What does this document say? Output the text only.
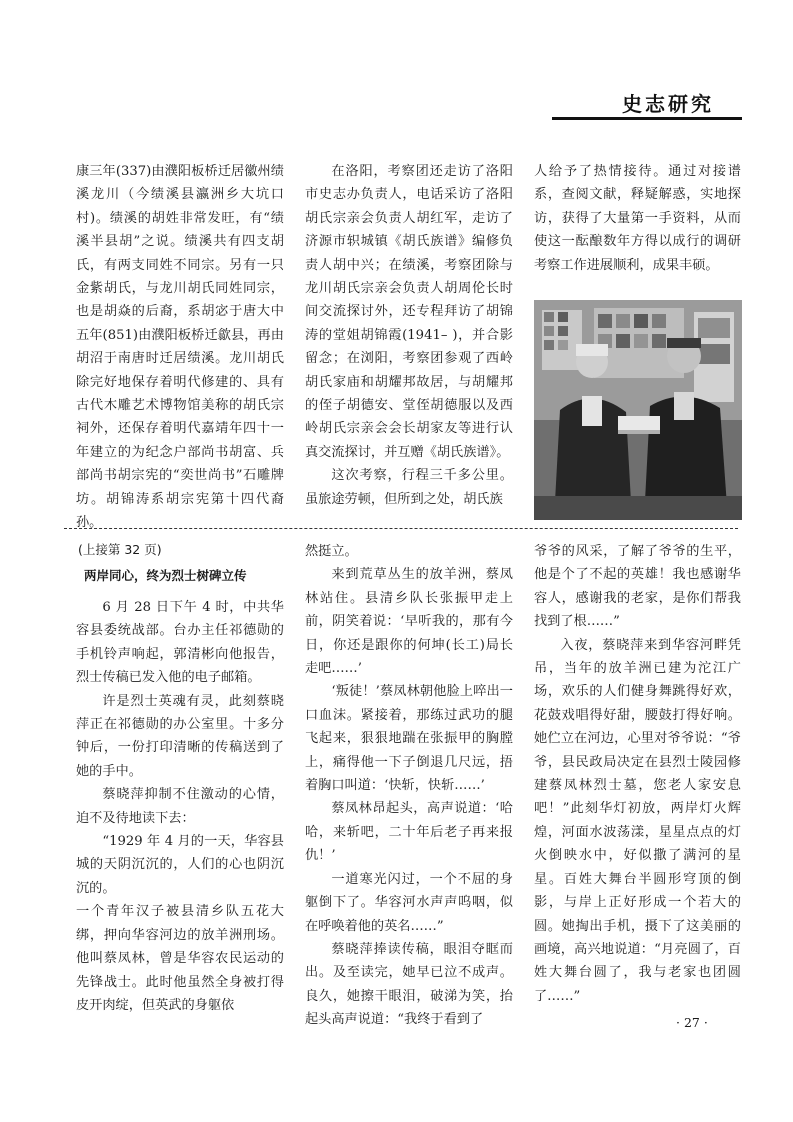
史志研究

康三年(337)由濮阳板桥迁居徽州绩溪龙川（今绩溪县瀛洲乡大坑口村)。绩溪的胡姓非常发旺，有“绩溪半县胡”之说。绩溪共有四支胡氏，有两支同姓不同宗。另有一只金紫胡氏，与龙川胡氏同姓同宗，也是胡焱的后裔，系胡宓于唐大中五年(851)由濮阳板桥迁歙县，再由胡沼于南唐时迁居绩溪。龙川胡氏除完好地保存着明代修建的、具有古代木雕艺术博物馆美称的胡氏宗祠外，还保存着明代嘉靖年四十一年建立的为纪念户部尚书胡富、兵部尚书胡宗宪的“奕世尚书”石雕牌坊。胡锦涛系胡宗宪第十四代裔孙。

在洛阳，考察团还走访了洛阳市史志办负责人，电话采访了洛阳胡氏宗亲会负责人胡红军，走访了济源市轵城镇《胡氏族谱》编修负责人胡中兴；在绩溪，考察团除与龙川胡氏宗亲会负责人胡周伦长时间交流探讨外，还专程拜访了胡锦涛的堂姐胡锦霞(1941– )，并合影留念；在浏阳，考察团参观了西岭胡氏家庙和胡耀邦故居，与胡耀邦的侄子胡德安、堂侄胡德服以及西岭胡氏宗亲会会长胡家友等进行认真交流探讨，并互赠《胡氏族谱》。

这次考察，行程三千多公里。虽旅途劳顿，但所到之处，胡氏族

人给予了热情接待。通过对接谱系，查阅文献，释疑解惑，实地探访，获得了大量第一手资料，从而使这一酝酿数年方得以成行的调研考察工作进展顺利，成果丰硕。

(上接第 32 页)
两岸同心，终为烈士树碑立传

6 月 28 日下午 4 时，中共华容县委统战部。台办主任祁德勋的手机铃声响起，郭清彬向他报告，烈士传稿已发入他的电子邮箱。

许是烈士英魂有灵，此刻蔡晓萍正在祁德勋的办公室里。十多分钟后，一份打印清晰的传稿送到了她的手中。

蔡晓萍抑制不住激动的心情，迫不及待地读下去：

“1929 年 4 月的一天，华容县城的天阴沉沉的，人们的心也阴沉沉的。

一个青年汉子被县清乡队五花大绑，押向华容河边的放羊洲刑场。他叫蔡凤林，曾是华容农民运动的先锋战士。此时他虽然全身被打得皮开肉绽，但英武的身躯依

然挺立。

来到荒草丛生的放羊洲，蔡凤林站住。县清乡队长张振甲走上前，阴笑着说：‘早听我的，那有今日，你还是跟你的何坤(长工)局长走吧……’

‘叛徒！’蔡凤林朝他脸上啐出一口血沫。紧接着，那练过武功的腿飞起来，狠狠地踹在张振甲的胸膛上，痛得他一下子倒退几尺远，捂着胸口叫道：‘快斩，快斩……’

蔡凤林昂起头，高声说道：‘哈哈，来斩吧，二十年后老子再来报仇！’

一道寒光闪过，一个不屈的身躯倒下了。华容河水声声呜咽，似在呼唤着他的英名……”

蔡晓萍捧读传稿，眼泪夺眶而出。及至读完，她早已泣不成声。良久，她擦干眼泪，破涕为笑，抬起头高声说道：“我终于看到了

爷爷的风采，了解了爷爷的生平，他是个了不起的英雄！我也感谢华容人，感谢我的老家，是你们帮我找到了根……”

入夜，蔡晓萍来到华容河畔凭吊，当年的放羊洲已建为沱江广场，欢乐的人们健身舞跳得好欢，花鼓戏唱得好甜，腰鼓打得好响。她伫立在河边，心里对爷爷说：“爷爷，县民政局决定在县烈士陵园修建蔡凤林烈士墓，您老人家安息吧！”此刻华灯初放，两岸灯火辉煌，河面水波荡漾，星星点点的灯火倒映水中，好似撒了满河的星星。百姓大舞台半圆形穹顶的倒影，与岸上正好形成一个若大的圆。她掏出手机，摄下了这美丽的画境，高兴地说道：“月亮圆了，百姓大舞台圆了，我与老家也团圆了……”

· 27 ·
